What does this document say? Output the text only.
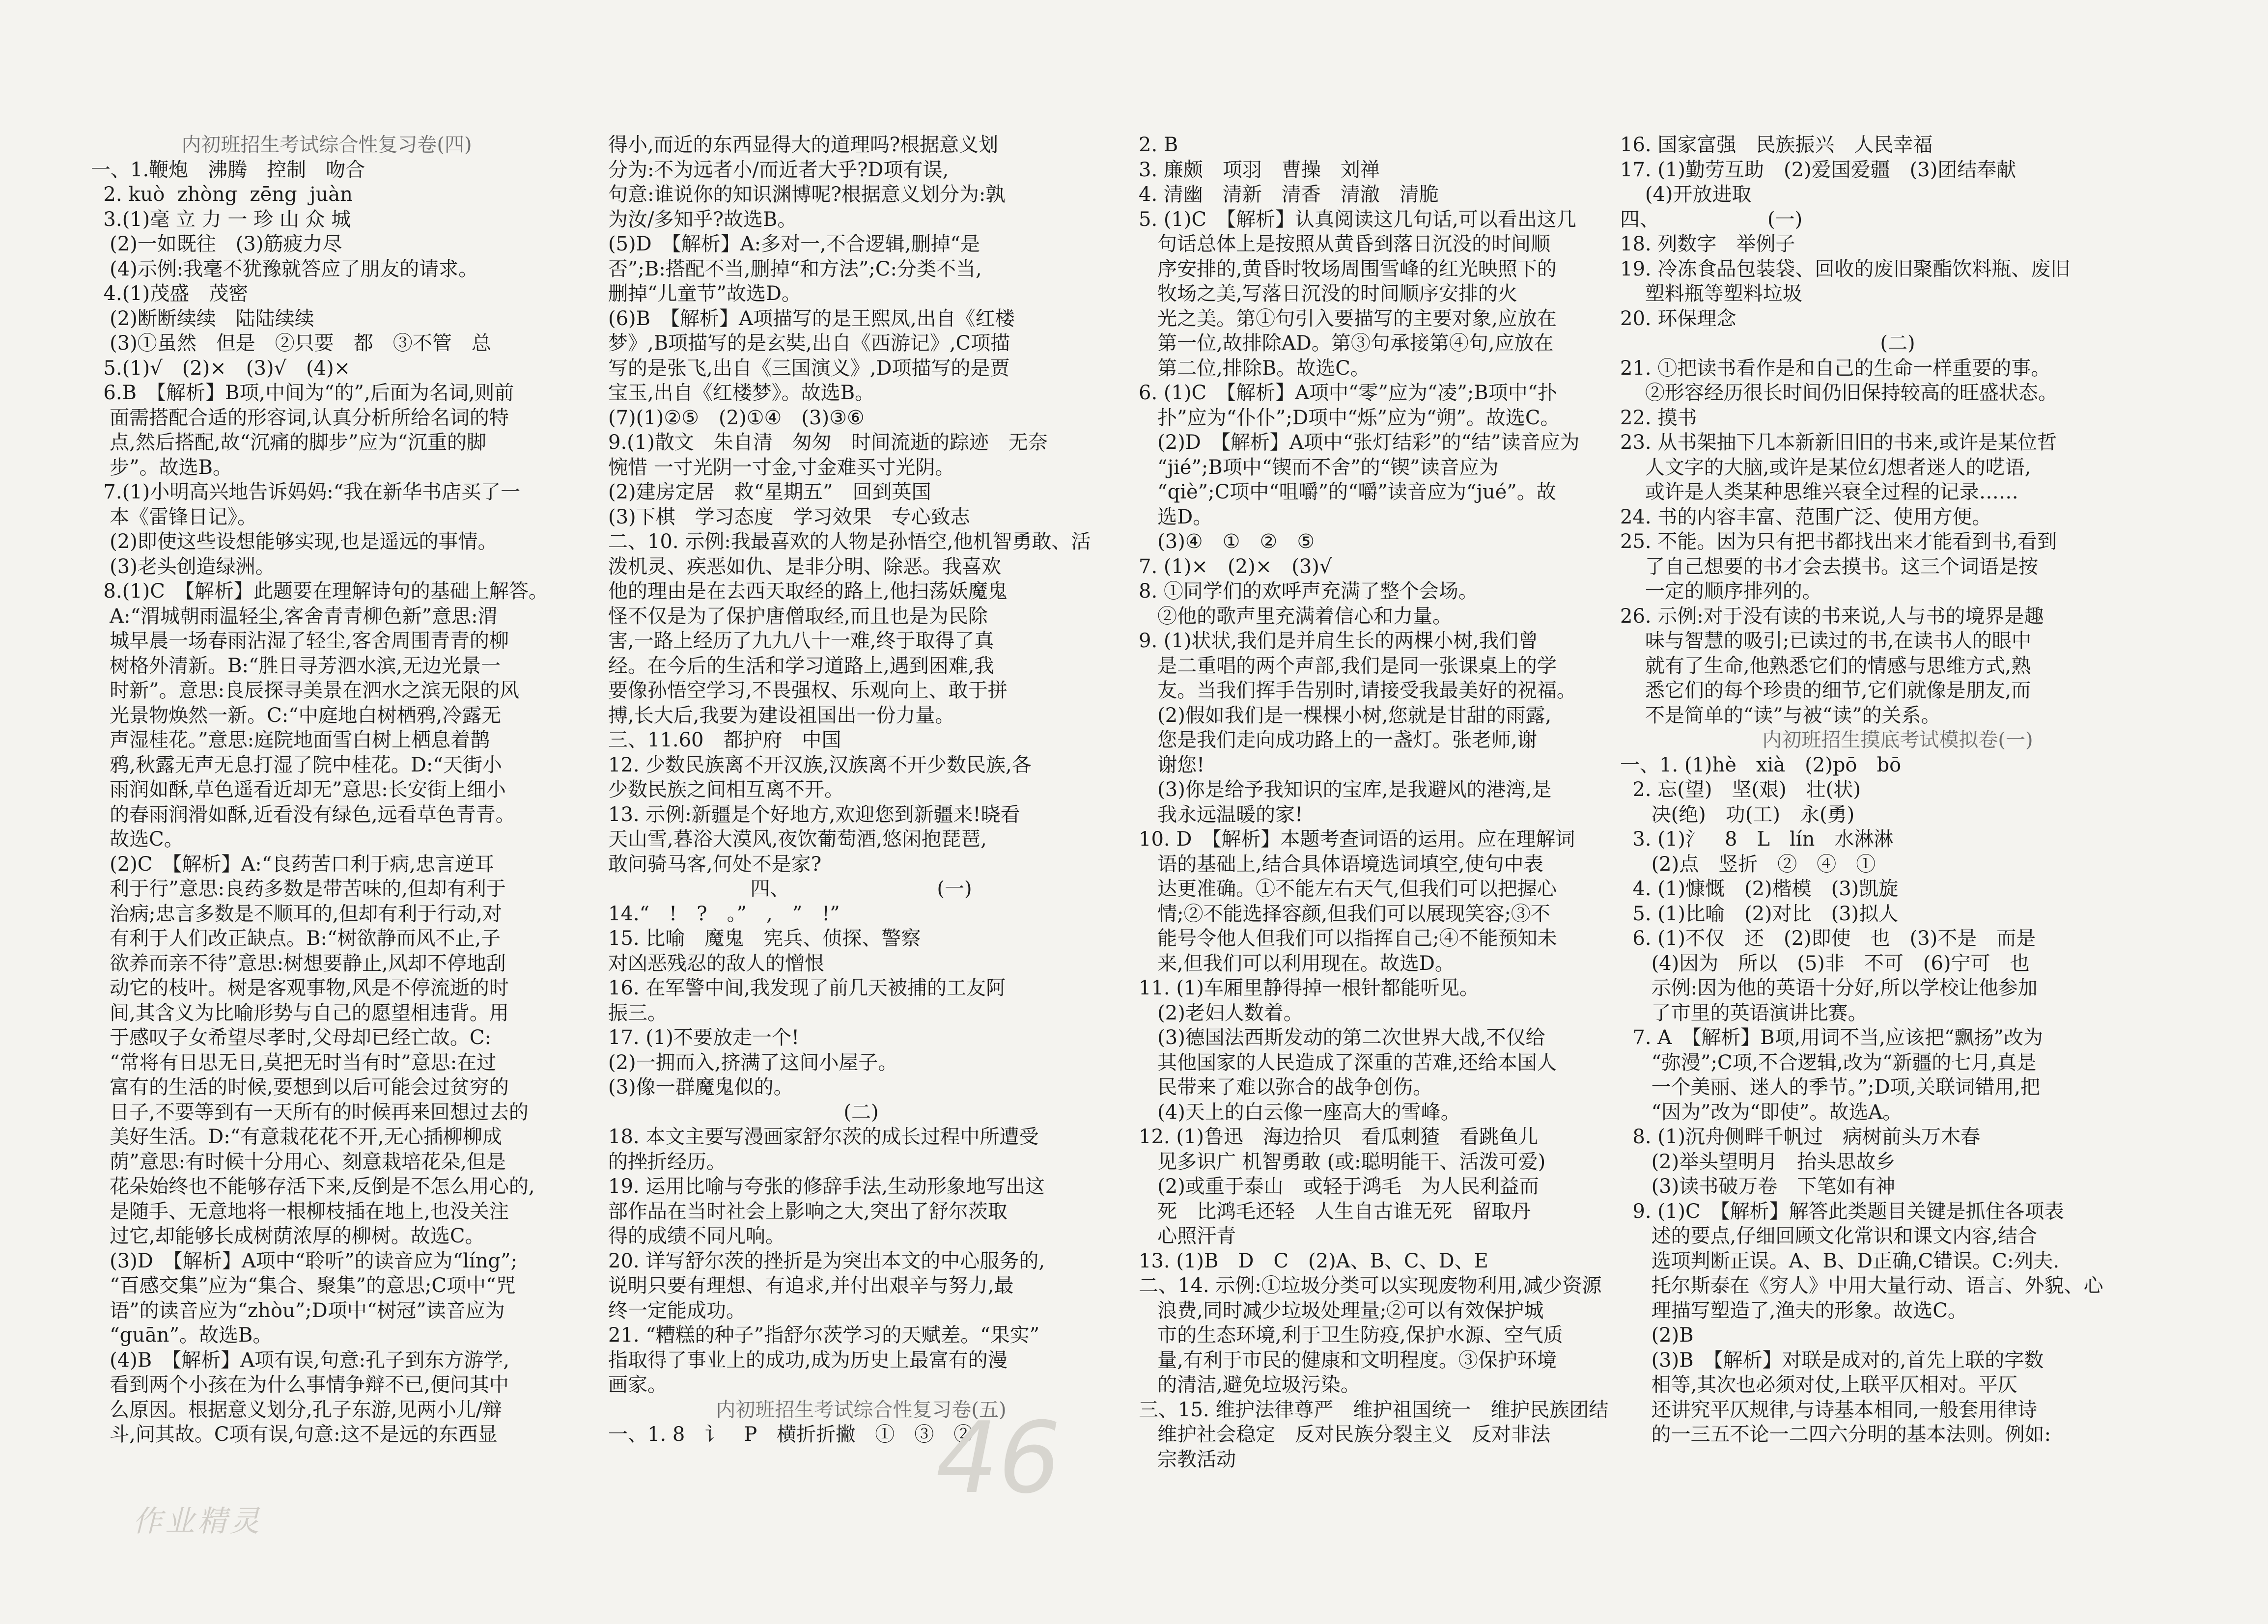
内初班招生考试综合性复习卷(四)
一、1.鞭炮　沸腾　控制　吻合
2. kuò  zhòng  zēng  juàn
3.(1)毫 立 力 一 珍 山 众 城
(2)一如既往　(3)筋疲力尽
(4)示例:我毫不犹豫就答应了朋友的请求。
4.(1)茂盛　茂密
(2)断断续续　陆陆续续
(3)①虽然　但是　②只要　都　③不管　总
5.(1)√　(2)×　(3)√　(4)×
6.B　【解析】B项,中间为“的”,后面为名词,则前
面需搭配合适的形容词,认真分析所给名词的特
点,然后搭配,故“沉痛的脚步”应为“沉重的脚
步”。故选B。
7.(1)小明高兴地告诉妈妈:“我在新华书店买了一
本《雷锋日记》。
(2)即使这些设想能够实现,也是遥远的事情。
(3)老头创造绿洲。
8.(1)C　【解析】此题要在理解诗句的基础上解答。
A:“渭城朝雨温轻尘,客舍青青柳色新”意思:渭
城早晨一场春雨沾湿了轻尘,客舍周围青青的柳
树格外清新。B:“胜日寻芳泗水滨,无边光景一
时新”。意思:良辰探寻美景在泗水之滨无限的风
光景物焕然一新。C:“中庭地白树栖鸦,冷露无
声湿桂花。”意思:庭院地面雪白树上栖息着鹊
鸦,秋露无声无息打湿了院中桂花。D:“天街小
雨润如酥,草色遥看近却无”意思:长安街上细小
的春雨润滑如酥,近看没有绿色,远看草色青青。
故选C。
(2)C　【解析】A:“良药苦口利于病,忠言逆耳
利于行”意思:良药多数是带苦味的,但却有利于
治病;忠言多数是不顺耳的,但却有利于行动,对
有利于人们改正缺点。B:“树欲静而风不止,子
欲养而亲不待”意思:树想要静止,风却不停地刮
动它的枝叶。树是客观事物,风是不停流逝的时
间,其含义为比喻形势与自己的愿望相违背。用
于感叹子女希望尽孝时,父母却已经亡故。C:
“常将有日思无日,莫把无时当有时”意思:在过
富有的生活的时候,要想到以后可能会过贫穷的
日子,不要等到有一天所有的时候再来回想过去的
美好生活。D:“有意栽花花不开,无心插柳柳成
荫”意思:有时候十分用心、刻意栽培花朵,但是
花朵始终也不能够存活下来,反倒是不怎么用心的,
是随手、无意地将一根柳枝插在地上,也没关注
过它,却能够长成树荫浓厚的柳树。故选C。
(3)D　【解析】A项中“聆听”的读音应为“líng”;
“百感交集”应为“集合、聚集”的意思;C项中“咒
语”的读音应为“zhòu”;D项中“树冠”读音应为
“guān”。故选B。
(4)B　【解析】A项有误,句意:孔子到东方游学,
看到两个小孩在为什么事情争辩不已,便问其中
么原因。根据意义划分,孔子东游,见两小儿/辩
斗,问其故。C项有误,句意:这不是远的东西显
得小,而近的东西显得大的道理吗?根据意义划
分为:不为远者小/而近者大乎?D项有误,
句意:谁说你的知识渊博呢?根据意义划分为:孰
为汝/多知乎?故选B。
(5)D　【解析】A:多对一,不合逻辑,删掉“是
否”;B:搭配不当,删掉“和方法”;C:分类不当,
删掉“儿童节”故选D。
(6)B　【解析】A项描写的是王熙凤,出自《红楼
梦》,B项描写的是玄奘,出自《西游记》,C项描
写的是张飞,出自《三国演义》,D项描写的是贾
宝玉,出自《红楼梦》。故选B。
(7)(1)②⑤　(2)①④　(3)③⑥
9.(1)散文　朱自清　匆匆　时间流逝的踪迹　无奈
惋惜 一寸光阴一寸金,寸金难买寸光阴。
(2)建房定居　救“星期五”　回到英国
(3)下棋　学习态度　学习效果　专心致志
二、10. 示例:我最喜欢的人物是孙悟空,他机智勇敢、活
泼机灵、疾恶如仇、是非分明、除恶。我喜欢
他的理由是在去西天取经的路上,他扫荡妖魔鬼
怪不仅是为了保护唐僧取经,而且也是为民除
害,一路上经历了九九八十一难,终于取得了真
经。在今后的生活和学习道路上,遇到困难,我
要像孙悟空学习,不畏强权、乐观向上、敢于拼
搏,长大后,我要为建设祖国出一份力量。
三、11.60　都护府　中国
12. 少数民族离不开汉族,汉族离不开少数民族,各
少数民族之间相互离不开。
13. 示例:新疆是个好地方,欢迎您到新疆来!晓看
天山雪,暮浴大漠风,夜饮葡萄酒,悠闲抱琵琶,
敢问骑马客,何处不是家?
四、　　　　　　　　(一)
14.“　!　?　。”　,　”　!”
15. 比喻　魔鬼　宪兵、侦探、警察
对凶恶残忍的敌人的憎恨
16. 在军警中间,我发现了前几天被捕的工友阿
振三。
17. (1)不要放走一个!
(2)一拥而入,挤满了这间小屋子。
(3)像一群魔鬼似的。
(二)
18. 本文主要写漫画家舒尔茨的成长过程中所遭受
的挫折经历。
19. 运用比喻与夸张的修辞手法,生动形象地写出这
部作品在当时社会上影响之大,突出了舒尔茨取
得的成绩不同凡响。
20. 详写舒尔茨的挫折是为突出本文的中心服务的,
说明只要有理想、有追求,并付出艰辛与努力,最
终一定能成功。
21. “糟糕的种子”指舒尔茨学习的天赋差。“果实”
指取得了事业上的成功,成为历史上最富有的漫
画家。
内初班招生考试综合性复习卷(五)
一、1. 8　讠　P　横折折撇　①　③　②
2. B
3. 廉颇　项羽　曹操　刘禅
4. 清幽　清新　清香　清澈　清脆
5. (1)C　【解析】认真阅读这几句话,可以看出这几
句话总体上是按照从黄昏到落日沉没的时间顺
序安排的,黄昏时牧场周围雪峰的红光映照下的
牧场之美,写落日沉没的时间顺序安排的火
光之美。第①句引入要描写的主要对象,应放在
第一位,故排除AD。第③句承接第④句,应放在
第二位,排除B。故选C。
6. (1)C　【解析】A项中“零”应为“凌”;B项中“扑
扑”应为“仆仆”;D项中“烁”应为“朔”。故选C。
(2)D　【解析】A项中“张灯结彩”的“结”读音应为
“jié”;B项中“锲而不舍”的“锲”读音应为
“qiè”;C项中“咀嚼”的“嚼”读音应为“jué”。故
选D。
(3)④　①　②　⑤
7. (1)×　(2)×　(3)√
8. ①同学们的欢呼声充满了整个会场。
②他的歌声里充满着信心和力量。
9. (1)状状,我们是并肩生长的两棵小树,我们曾
是二重唱的两个声部,我们是同一张课桌上的学
友。当我们挥手告别时,请接受我最美好的祝福。
(2)假如我们是一棵棵小树,您就是甘甜的雨露,
您是我们走向成功路上的一盏灯。张老师,谢
谢您!
(3)你是给予我知识的宝库,是我避风的港湾,是
我永远温暖的家!
10. D　【解析】本题考查词语的运用。应在理解词
语的基础上,结合具体语境选词填空,使句中表
达更准确。①不能左右天气,但我们可以把握心
情;②不能选择容颜,但我们可以展现笑容;③不
能号令他人但我们可以指挥自己;④不能预知未
来,但我们可以利用现在。故选D。
11. (1)车厢里静得掉一根针都能听见。
(2)老妇人数着。
(3)德国法西斯发动的第二次世界大战,不仅给
其他国家的人民造成了深重的苦难,还给本国人
民带来了难以弥合的战争创伤。
(4)天上的白云像一座高大的雪峰。
12. (1)鲁迅　海边拾贝　看瓜刺猹　看跳鱼儿
见多识广 机智勇敢 (或:聪明能干、活泼可爱)
(2)或重于泰山　或轻于鸿毛　为人民利益而
死　比鸿毛还轻　人生自古谁无死　留取丹
心照汗青
13. (1)B　D　C　(2)A、B、C、D、E
二、14. 示例:①垃圾分类可以实现废物利用,减少资源
浪费,同时减少垃圾处理量;②可以有效保护城
市的生态环境,利于卫生防疫,保护水源、空气质
量,有利于市民的健康和文明程度。③保护环境
的清洁,避免垃圾污染。
三、15. 维护法律尊严　维护祖国统一　维护民族团结
维护社会稳定　反对民族分裂主义　反对非法
宗教活动
16. 国家富强　民族振兴　人民幸福
17. (1)勤劳互助　(2)爱国爱疆　(3)团结奉献
(4)开放进取
四、　　　　　　(一)
18. 列数字　举例子
19. 冷冻食品包装袋、回收的废旧聚酯饮料瓶、废旧
塑料瓶等塑料垃圾
20. 环保理念
(二)
21. ①把读书看作是和自己的生命一样重要的事。
②形容经历很长时间仍旧保持较高的旺盛状态。
22. 摸书
23. 从书架抽下几本新新旧旧的书来,或许是某位哲
人文字的大脑,或许是某位幻想者迷人的呓语,
或许是人类某种思维兴衰全过程的记录……
24. 书的内容丰富、范围广泛、使用方便。
25. 不能。因为只有把书都找出来才能看到书,看到
了自己想要的书才会去摸书。这三个词语是按
一定的顺序排列的。
26. 示例:对于没有读的书来说,人与书的境界是趣
味与智慧的吸引;已读过的书,在读书人的眼中
就有了生命,他熟悉它们的情感与思维方式,熟
悉它们的每个珍贵的细节,它们就像是朋友,而
不是简单的“读”与被“读”的关系。
内初班招生摸底考试模拟卷(一)
一、1. (1)hè　xià　(2)pō　bō
2. 忘(望)　坚(艰)　壮(状)
决(绝)　功(工)　永(勇)
3. (1)氵　8　L　lín　水淋淋
(2)点　竖折　②　④　①
4. (1)慷慨　(2)楷模　(3)凯旋
5. (1)比喻　(2)对比　(3)拟人
6. (1)不仅　还　(2)即使　也　(3)不是　而是
(4)因为　所以　(5)非　不可　(6)宁可　也
示例:因为他的英语十分好,所以学校让他参加
了市里的英语演讲比赛。
7. A　【解析】B项,用词不当,应该把“飘扬”改为
“弥漫”;C项,不合逻辑,改为“新疆的七月,真是
一个美丽、迷人的季节。”;D项,关联词错用,把
“因为”改为“即使”。故选A。
8. (1)沉舟侧畔千帆过　病树前头万木春
(2)举头望明月　抬头思故乡
(3)读书破万卷　下笔如有神
9. (1)C　【解析】解答此类题目关键是抓住各项表
述的要点,仔细回顾文化常识和课文内容,结合
选项判断正误。A、B、D正确,C错误。C:列夫.
托尔斯泰在《穷人》中用大量行动、语言、外貌、心
理描写塑造了,渔夫的形象。故选C。
(2)B
(3)B　【解析】对联是成对的,首先上联的字数
相等,其次也必须对仗,上联平仄相对。平仄
还讲究平仄规律,与诗基本相同,一般套用律诗
的一三五不论一二四六分明的基本法则。例如:
46
作业精灵
